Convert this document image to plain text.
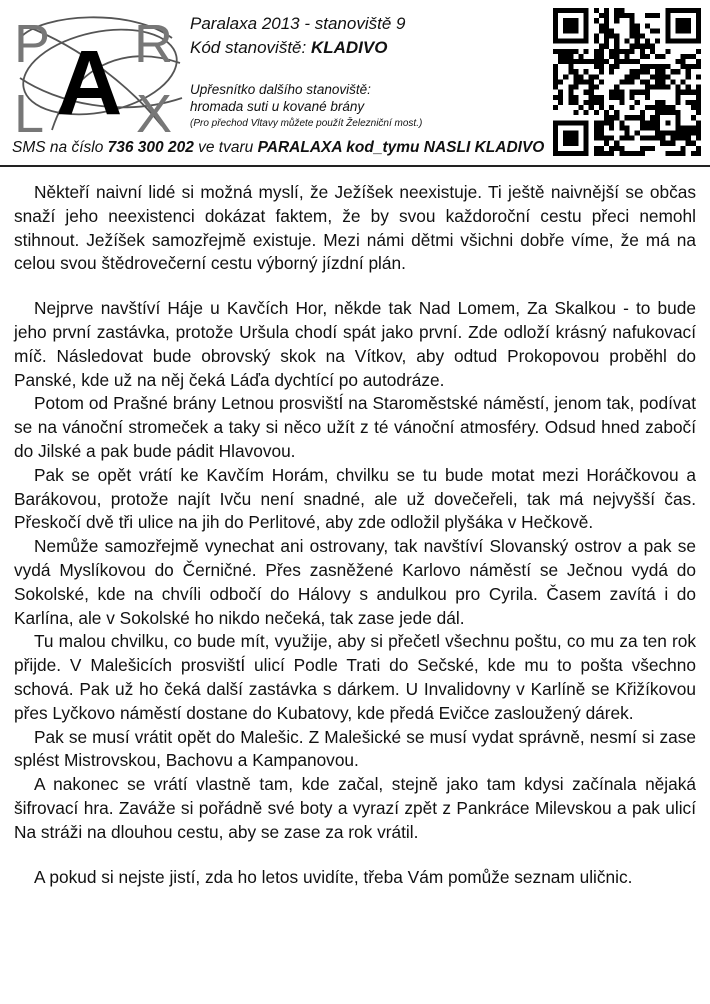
P R
A
L X
Paralaxa 2013 - stanoviště 9
Kód stanoviště: KLADIVO
Upřesnítko dalšího stanoviště:
hromada suti u kované brány
(Pro přechod Vltavy můžete použít Železniční most.)
SMS na číslo 736 300 202 ve tvaru PARALAXA kod_tymu NASLI KLADIVO

Někteří naivní lidé si možná myslí, že Ježíšek neexistuje. Ti ještě naivnější se občas snaží jeho neexistenci dokázat faktem, že by svou každoroční cestu přeci nemohl stihnout. Ježíšek samozřejmě existuje. Mezi námi dětmi všichni dobře víme, že má na celou svou štědrovečerní cestu výborný jízdní plán.

Nejprve navštíví Háje u Kavčích Hor, někde tak Nad Lomem, Za Skalkou - to bude jeho první zastávka, protože Uršula chodí spát jako první. Zde odloží krásný nafukovací míč. Následovat bude obrovský skok na Vítkov, aby odtud Prokopovou proběhl do Panské, kde už na něj čeká Láďa dychtící po autodráze.

Potom od Prašné brány Letnou prosvištÍ na Staroměstské náměstí, jenom tak, podívat se na vánoční stromeček a taky si něco užít z té vánoční atmosféry. Odsud hned zabočí do Jilské a pak bude pádit Hlavovou.

Pak se opět vrátí ke Kavčím Horám, chvilku se tu bude motat mezi Horáčkovou a Barákovou, protože najít Ivču není snadné, ale už dovečeřeli, tak má nejvyšší čas. Přeskočí dvě tři ulice na jih do Perlitové, aby zde odložil plyšáka v Hečkově.

Nemůže samozřejmě vynechat ani ostrovany, tak navštíví Slovanský ostrov a pak se vydá Myslíkovou do Černičné. Přes zasněžené Karlovo náměstí se Ječnou vydá do Sokolské, kde na chvíli odbočí do Hálovy s andulkou pro Cyrila. Časem zavítá i do Karlína, ale v Sokolské ho nikdo nečeká, tak zase jede dál.

Tu malou chvilku, co bude mít, využije, aby si přečetl všechnu poštu, co mu za ten rok přijde. V Malešicích prosvištÍ ulicí Podle Trati do Sečské, kde mu to pošta všechno schová. Pak už ho čeká další zastávka s dárkem. U Invalidovny v Karlíně se Křižíkovou přes Lyčkovo náměstí dostane do Kubatovy, kde předá Evičce zasloužený dárek.

Pak se musí vrátit opět do Malešic. Z Malešické se musí vydat správně, nesmí si zase splést Mistrovskou, Bachovu a Kampanovou.

A nakonec se vrátí vlastně tam, kde začal, stejně jako tam kdysi začínala nějaká šifrovací hra. Zaváže si pořádně své boty a vyrazí zpět z Pankráce Milevskou a pak ulicí Na stráži na dlouhou cestu, aby se zase za rok vrátil.

A pokud si nejste jistí, zda ho letos uvidíte, třeba Vám pomůže seznam uličnic.
